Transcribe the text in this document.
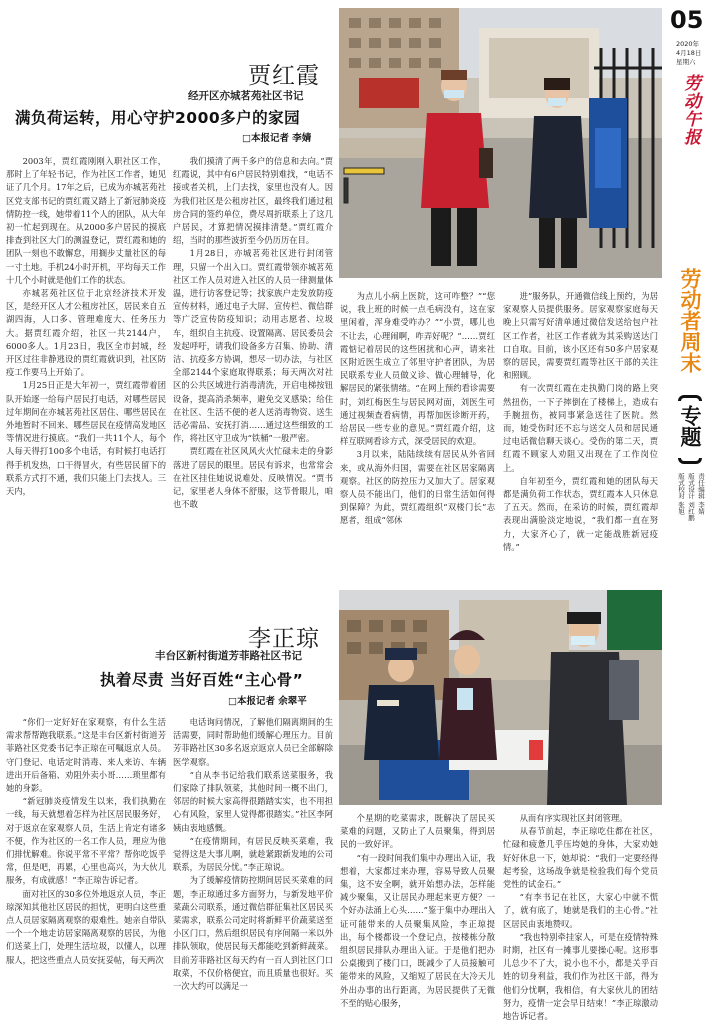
05
2020年
4月18日
星期六
劳动午报
劳动者周末
专题
责任编辑 李婧
版式设计 刘红鹏
版式校对 张旭
贾红霞
经开区亦城茗苑社区书记
满负荷运转，用心守护2000多户的家园
□本报记者 李婧

2003年，贾红霞刚刚入职社区工作，那时上了年轻书记，作为社区工作者，她见证了几个月。17年之后，已成为亦城茗苑社区党支部书记的贾红霞又踏上了新冠肺炎疫情防控一线，她带着11个人的团队，从大年初一忙起到现在。从2000多户居民的摸底排查到社区大门的测温登记，贾红霞和她的团队一刻也不敢懈怠，用搁步丈量社区的每一寸土地。手机24小时开机，平均每天工作十几个小时就是他们工作的状态。

亦城茗苑社区位于北京经济技术开发区，是经开区人才公租房社区，居民来自五湖四海，人口多、管理难度大、任务压力大。据贾红霞介绍，社区一共2144户，6000多人。1月23日，我区全市封城，经开区过往非静逃设的贾红霞就识到，社区防疫工作要马上开始了。

1月25日正是大年初一，贾红霞带着团队开始逐一给每户居民打电话，对哪些居民过年期间在亦城茗苑社区居住、哪些居民在外地暂时不回来、哪些居民在疫情高发地区等情况进行摸底。“我们一共11个人，每个人每天得打100多个电话，有时候打电话打得手机发热，口干得冒火，有些居民留下的联系方式打不通，我们只能上门去找人。三天内，

我们摸清了两千多户的信息和去向。”贾红霞说，其中有6户居民特别难找，“电话不接或者关机，上门去找，家里也没有人。因为我们社区是公租房社区，最终我们通过租房合同的签约单位，费尽周折联系上了这几户居民，才算把情况摸排清楚。”贾红霞介绍，当时的那些波折至今仍历历在目。

1月28日，亦城茗苑社区进行封闭管理，只留一个出入口。贾红霞带领亦城茗苑社区工作人员对进入社区的人员一律测量体温，进行访客登记等；找家族户走发放防疫宣传材料，通过电子大屏、宣传栏、微信群等广泛宣传防疫知识；动用志愿者、垃圾车，组织自主抗疫、设置隔离、居民委员会发起呼吁，请我们设备多方召集、协助、清洁、抗疫多方协调，想尽一切办法，与社区全部2144个家庭取得联系；每天两次对社区的公共区域进行消毒清洗，开启电梯按钮设备，提高消杀频率，避免交叉感染；给住在社区、生活不便的老人送消毒物资、送生活必需品、安抚打消……通过这些细致的工作，将社区守卫成为“铁桶”一般严密。

贾红霞在社区风风火火忙碌未走的身影落进了居民的眼里。居民有诉求，也常常会在社区挂住她说说难处、反映情况。“贾书记，家里老人身体不舒服，这节骨眼儿，咱也不敢

为点儿小病上医院，这可咋整？”“您说，我上班的时候一点毛病没有，这在家里闲着，浑身难受咋办？”“小贾，哪儿也不让去，心理闹啊，咋弄好呢？”……贾红霞惦记着居民的这些困扰和心声，请来社区附近医生成立了邻里守护者团队，为居民联系专业人员做义诊、做心理辅导，化解居民的紧张情绪。“在网上预约看诊需要时，刘红梅医生与居民网对面，刘医生可通过视频查看病情，再帮加医诊断开药，给居民一些专业的意见。”贾红霞介绍，这样互联网看诊方式，深受居民的欢迎。

3月以来，陆陆续续有居民从外省回来，或从海外归国，需要在社区居家隔离观察。社区的防控压力又加大了。居家观察人员不能出门，他们的日常生活如何得到保障？为此，贾红霞组织“双楼门长”志愿者，组成“邻休

进”服务队，开通微信线上预约，为居家观察人员提供服务。居家观察家庭每天晚上只需写好清单通过微信发送给包户社区工作者，社区工作者就为其采购送达门口自取。目前，该小区还有50多户居家观察的居民，需要贾红霞等社区干部的关注和照顾。

有一次贾红霞在走执勤门岗的路上突然扭伤，一下子摔倒在了楼梯上，造成右手腕扭伤，被同事紧急送往了医院。然而，她受伤时还不忘与送交人员和居民通过电话微信聊天谈心。受伤的第二天，贾红霞不顾家人劝阻又出现在了工作岗位上。

自年初至今，贾红霞和她的团队每天都是满负荷工作状态，贾红霞本人只休息了五天。然而，在采访的时候，贾红霞却表现出满脸淡定地说，“我们都一直在努力，大家齐心了，就一定能战胜新冠疫情。”

李正琼
丰台区新村街道芳菲路社区书记
执着尽责 当好百姓“主心骨”
□本报记者 余翠平

“你们一定好好在家观察，有什么生活需求帮帮跑我联系。”这是丰台区新村街道芳菲路社区党委书记李正琼在可嘱返京人员。守门登记、电话定时消毒、来人来访、车辆进出开后备箱、劝阻外卖小哥……琐里都有她的身影。

“新冠肺炎疫情发生以来，我们执勤在一线，每天就想着怎样为社区居民服务好，对于返京在家观察人员，生活上肯定有诸多不便，作为社区的一名工作人员，理应为他们排忧解难。你说平常不平常？帮你吃饭乎常，但是吧，再累，心里也高兴，为大伙儿服务，有成就感！”李正琼告诉记者。

面对社区的30多位外地返京人员，李正琼深知其他社区居民的担忧，更明白这些重点人员居家隔离观察的艰难性。她亲自带队一个一个地走访居家隔离观察的居民，为他们送菜上门，处理生活垃圾，以懂人，以理服人，把这些重点人员安抚妥帖，每天两次

电话询问情况，了解他们隔离期间的生活需要，同时帮助他们缓解心理压力。目前芳菲路社区30多名返京返京人员已全部解除医学观察。

“自从李书记给我们联系送菜服务，我们家除了排队领菜，其他时间一概不出门，邻居的时候大家高得很踏踏实实，也不用担心有风险，家里人觉得都很踏实。”社区李阿姨由衷地感慨。

“在疫情期间，有居民反映买菜难，我觉得这是大事儿啊，就趁紧跟新发地的公司联系，为居民分忧。”李正琼说。

为了缓解疫情防控期间居民买菜难的问题，李正琼通过多方面努力，与新发地平价菜蔬公司联系，通过微信群征集社区居民买菜需求，联系公司定时将新鲜平价蔬菜送至小区门口，然后组织居民有序间隔一米以外排队领取，使居民每天都能吃到新鲜蔬菜。目前芳菲路社区每天约有一百人到社区门口取菜，不仅价格便宜，而且质量也很好。买一次大约可以满足一

个星期的吃菜需求，既解决了居民买菜难的问题，又防止了人员聚集，得到居民的一致好评。

“有一段时间我们集中办理出入证，我想着，大家都过来办理，容易导致人员聚集，这不安全啊，就开始想办法，怎样能减少聚集，又让居民办理起来更方便？一个好办法涌上心头……”鉴于集中办理出入证可能带来的人员聚集风险，李正琼提出，每个楼都设一个登记点，按楼栋分散组织居民排队办理出入证。于是他们把办公桌搬到了楼门口，既减少了人员接触可能带来的风险，又缩短了居民在大冷天儿外出办事的出行距离，为居民提供了无微不至的贴心服务，

从而有序实现社区封闭管理。

从春节前起，李正琼吃住都在社区，忙碌和疲惫几乎压垮她的身体，大家劝她好好休息一下，她却说：“我们一定要经得起考验，这场战争就是检验我们每个党员党性的试金石。”

“有李书记在社区，大家心中就不慌了，就有底了，她就是我们的主心骨。”社区居民由衷地赞叹。

“我也特别牵挂家人，可是在疫情特殊时期，社区有一摊事儿要操心呢。这形事儿总少不了大，说小也不小，都是关乎百姓的切身利益，我们作为社区干部，得为他们分忧啊，我相信，有大家伙儿的团结努力，疫情一定会早日结束！”李正琼激动地告诉记者。
